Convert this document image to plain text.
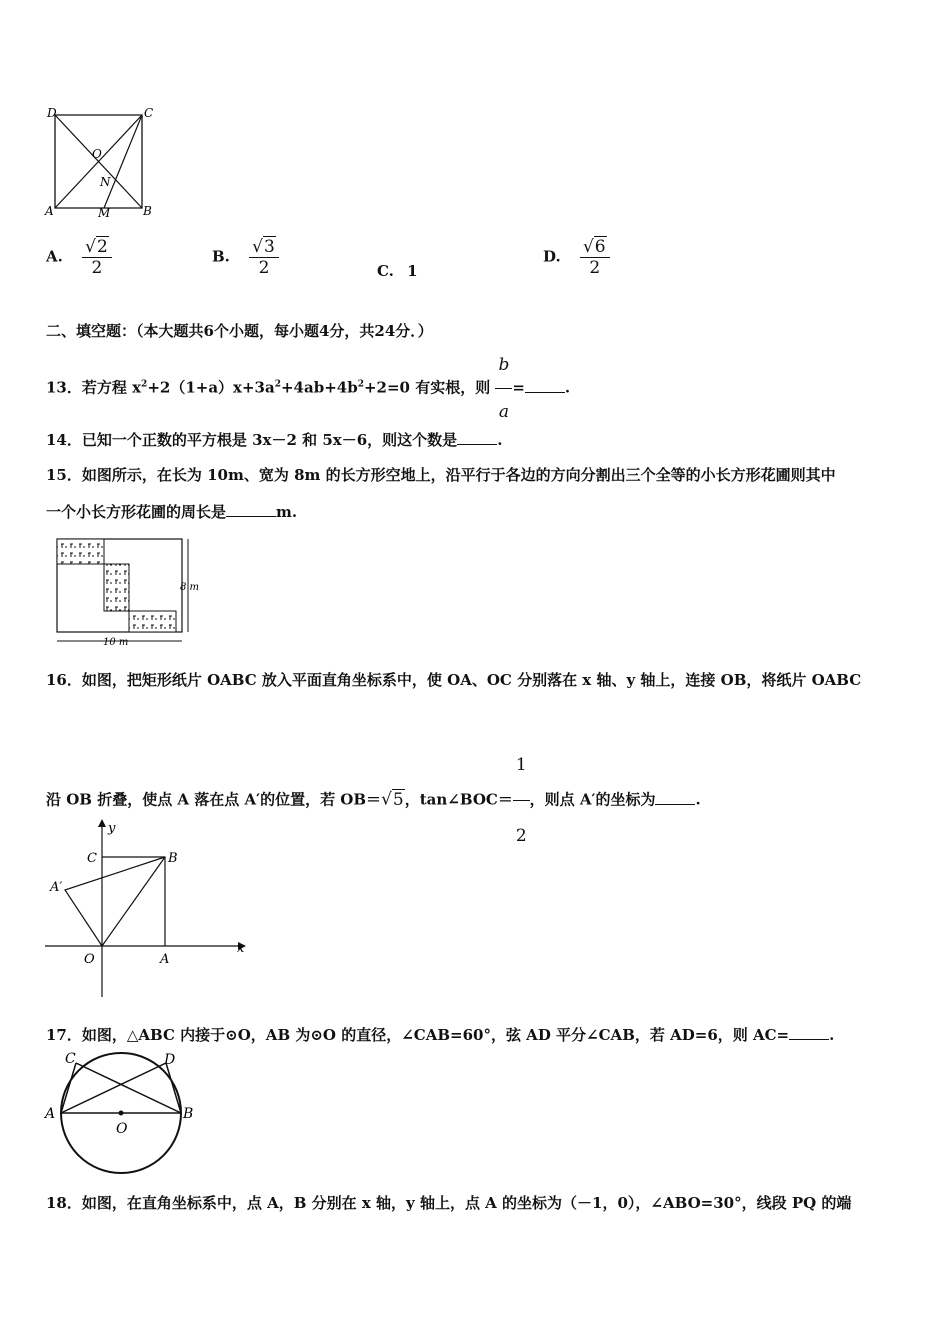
D	C
O
N
A	M	B
A. $\frac{√2}{2}$	B. $\frac{√3}{2}$	C. 1
D. $\frac{√6}{2}$
二、填空题：（本大题共6个小题，每小题4分，共24分．）
13．若方程 $x^2+2(1+a)x+3a^2+4ab+4b^2+2=0$ 有实根，则 $\frac{b}{a}$ =	.
14．已知一个正数的平方根是 3x－2 和 5x－6，则这个数是	.
15．如图所示，在长为 10m、宽为 8m 的长方形空地上，沿平行于各边的方向分割出三个全等的小长方形花圃则其中
一个小长方形花圃的周长是	m.
10 m
8 m
16．如图，把矩形纸片 OABC 放入平面直角坐标系中，使 OA、OC 分别落在 x 轴、y 轴上，连接 OB，将纸片 OABC
沿 OB 折叠，使点 A 落在点 A′的位置，若 OB＝√5，tan∠BOC＝ $\frac{1}{2}$ ，则点 A′的坐标为	.
y
C	B
A′
O	A
x
17．如图，△ABC 内接于⊙O，AB 为⊙O 的直径，∠CAB=60°，弦 AD 平分∠CAB，若 AD=6，则 AC=	.
C	D
A	B
O
18．如图，在直角坐标系中，点 A，B 分别在 x 轴，y 轴上，点 A 的坐标为（－1，0），∠ABO=30°，线段 PQ 的端
